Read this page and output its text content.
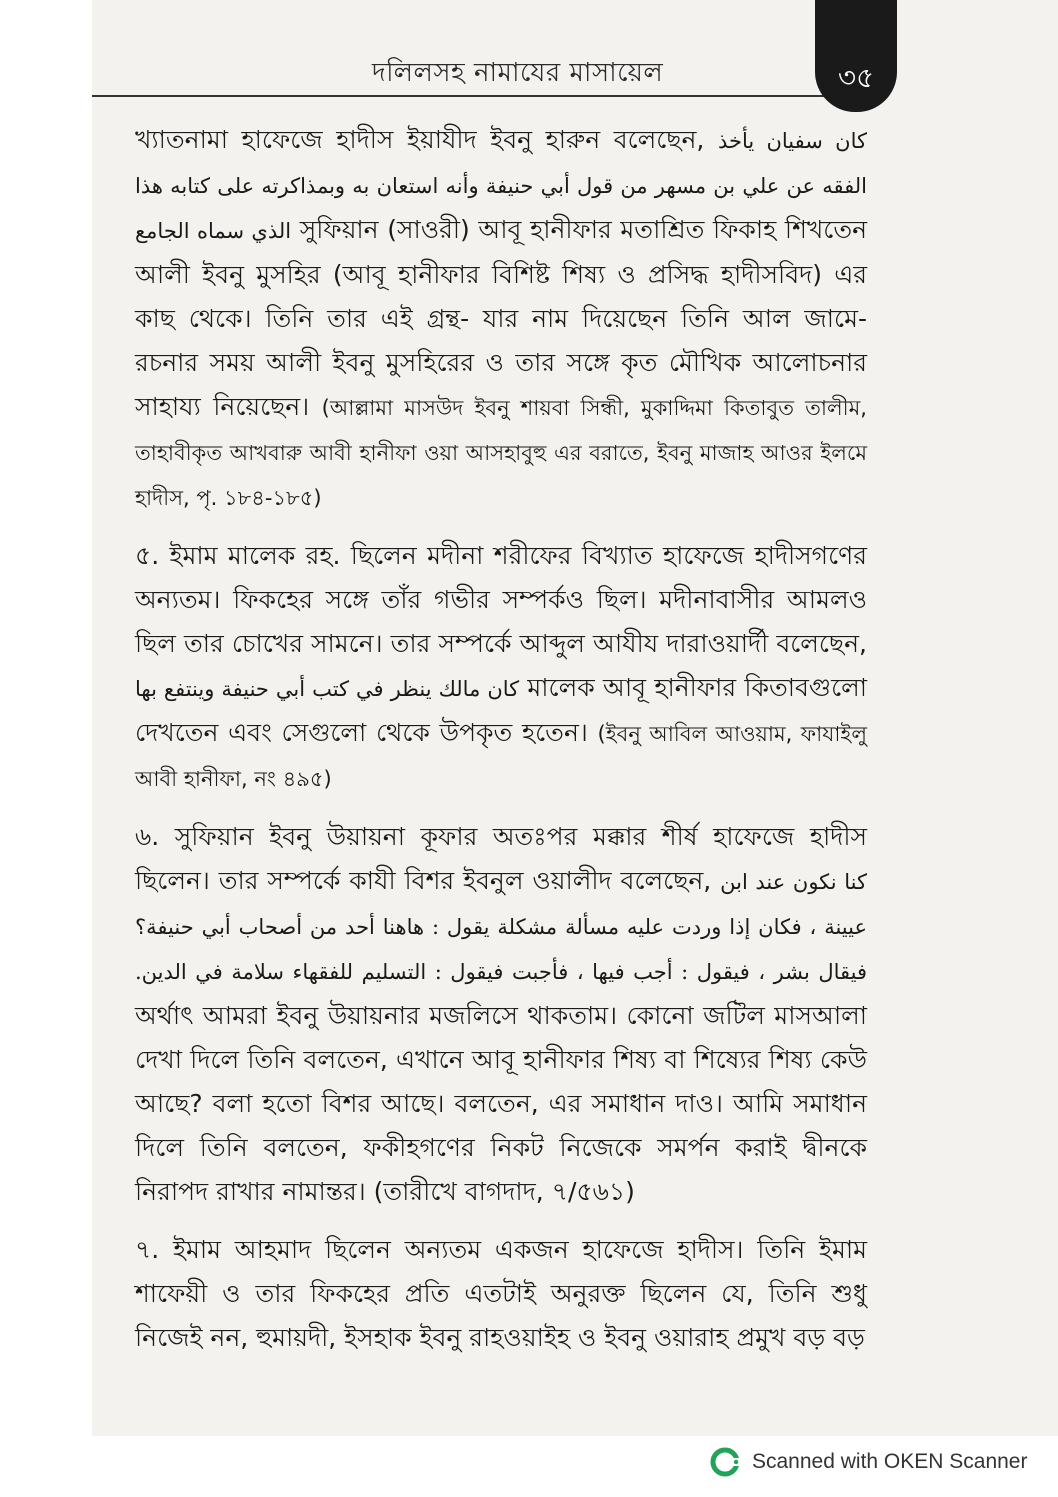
দলিলসহ নামাযের মাসায়েল	৩৫

খ্যাতনামা হাফেজে হাদীস ইয়াযীদ ইবনু হারুন বলেছেন, كان سفيان يأخذ الفقه عن علي بن مسهر من قول أبي حنيفة وأنه استعان به وبمذاكرته على كتابه هذا الذي سماه الجامع সুফিয়ান (সাওরী) আবূ হানীফার মতাশ্রিত ফিকাহ শিখতেন আলী ইবনু মুসহির (আবূ হানীফার বিশিষ্ট শিষ্য ও প্রসিদ্ধ হাদীসবিদ) এর কাছ থেকে। তিনি তার এই গ্রন্থ- যার নাম দিয়েছেন তিনি আল জামে- রচনার সময় আলী ইবনু মুসহিরের ও তার সঙ্গে কৃত মৌখিক আলোচনার সাহায্য নিয়েছেন। (আল্লামা মাসউদ ইবনু শায়বা সিন্ধী, মুকাদ্দিমা কিতাবুত তালীম, তাহাবীকৃত আখবারু আবী হানীফা ওয়া আসহাবুহু এর বরাতে, ইবনু মাজাহ আওর ইলমে হাদীস, পৃ. ১৮৪-১৮৫)

৫. ইমাম মালেক রহ. ছিলেন মদীনা শরীফের বিখ্যাত হাফেজে হাদীসগণের অন্যতম। ফিকহের সঙ্গে তাঁর গভীর সম্পর্কও ছিল। মদীনাবাসীর আমলও ছিল তার চোখের সামনে। তার সম্পর্কে আব্দুল আযীয দারাওয়ার্দী বলেছেন, كان مالك ينظر في كتب أبي حنيفة وينتفع بها মালেক আবূ হানীফার কিতাবগুলো দেখতেন এবং সেগুলো থেকে উপকৃত হতেন। (ইবনু আবিল আওয়াম, ফাযাইলু আবী হানীফা, নং ৪৯৫)

৬. সুফিয়ান ইবনু উয়ায়না কূফার অতঃপর মক্কার শীর্ষ হাফেজে হাদীস ছিলেন। তার সম্পর্কে কাযী বিশর ইবনুল ওয়ালীদ বলেছেন, كنا نكون عند ابن عيينة ، فكان إذا وردت عليه مسألة مشكلة يقول : هاهنا أحد من أصحاب أبي حنيفة؟ فيقال بشر ، فيقول : أجب فيها ، فأجبت فيقول : التسليم للفقهاء سلامة في الدين. অর্থাৎ আমরা ইবনু উয়ায়নার মজলিসে থাকতাম। কোনো জটিল মাসআলা দেখা দিলে তিনি বলতেন, এখানে আবূ হানীফার শিষ্য বা শিষ্যের শিষ্য কেউ আছে? বলা হতো বিশর আছে। বলতেন, এর সমাধান দাও। আমি সমাধান দিলে তিনি বলতেন, ফকীহগণের নিকট নিজেকে সমর্পন করাই দ্বীনকে নিরাপদ রাখার নামান্তর। (তারীখে বাগদাদ, ৭/৫৬১)

৭. ইমাম আহমাদ ছিলেন অন্যতম একজন হাফেজে হাদীস। তিনি ইমাম শাফেয়ী ও তার ফিকহের প্রতি এতটাই অনুরক্ত ছিলেন যে, তিনি শুধু নিজেই নন, হুমায়দী, ইসহাক ইবনু রাহওয়াইহ ও ইবনু ওয়ারাহ প্রমুখ বড় বড়

Scanned with OKEN Scanner
